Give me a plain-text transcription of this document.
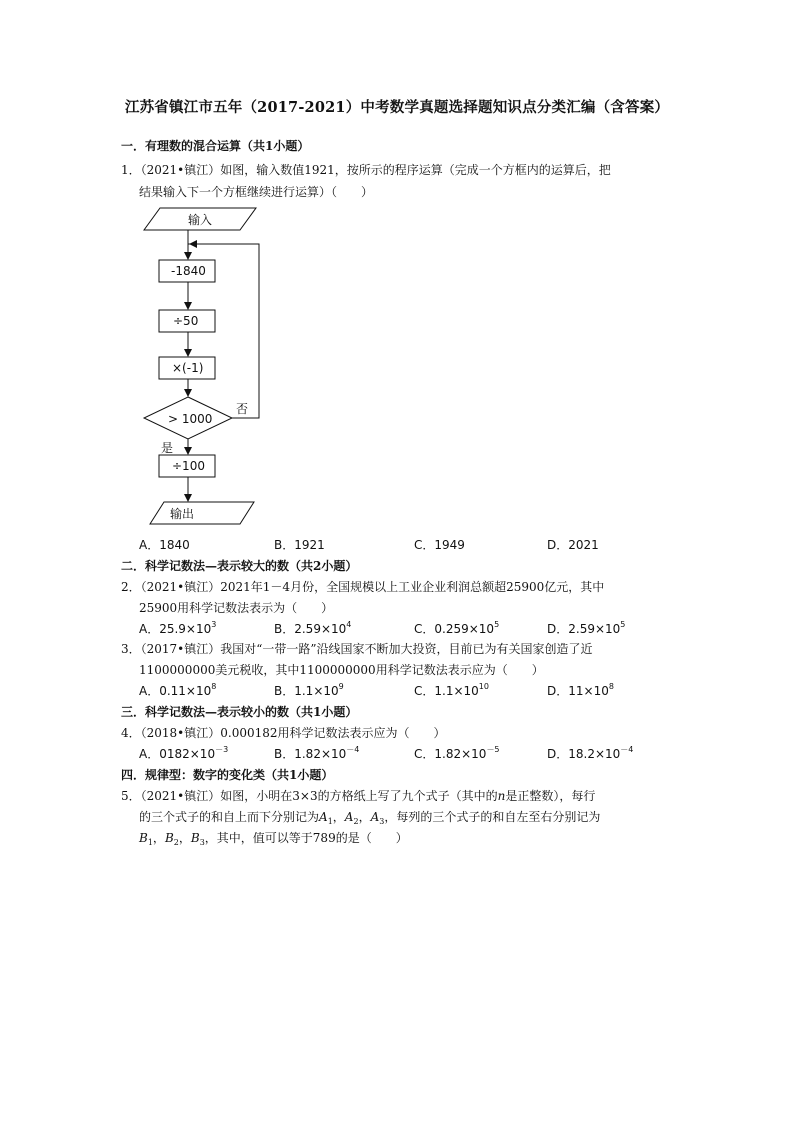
江苏省镇江市五年（2017-2021）中考数学真题选择题知识点分类汇编（含答案）
一．有理数的混合运算（共1小题）
1．（2021•镇江）如图，输入数值1921，按所示的程序运算（完成一个方框内的运算后，把
结果输入下一个方框继续进行运算）（　　）
输入
-1840
÷50
×(-1)
> 1000
否
是
÷100
输出
A．1840	B．1921	C．1949	D．2021
二．科学记数法—表示较大的数（共2小题）
2．（2021•镇江）2021年1－4月份，全国规模以上工业企业利润总额超25900亿元，其中
25900用科学记数法表示为（　　）
A．$25.9\times 10^3$	B．$2.59\times 10^4$	C．$0.259\times 10^5$	D．$2.59\times 10^5$
3．（2017•镇江）我国对“一带一路”沿线国家不断加大投资，目前已为有关国家创造了近
1100000000美元税收，其中1100000000用科学记数法表示应为（　　）
A．$0.11\times 10^8$	B．$1.1\times 10^9$	C．$1.1\times 10^{10}$	D．$11\times 10^8$
三．科学记数法—表示较小的数（共1小题）
4．（2018•镇江）0.000182用科学记数法表示应为（　　）
A．$0182\times 10^{-3}$	B．$1.82\times 10^{-4}$	C．$1.82\times 10^{-5}$	D．$18.2\times 10^{-4}$
四．规律型：数字的变化类（共1小题）
5．（2021•镇江）如图，小明在3×3的方格纸上写了九个式子（其中的n是正整数），每行
的三个式子的和自上而下分别记为$A_1$，$A_2$，$A_3$，每列的三个式子的和自左至右分别记为
$B_1$，$B_2$，$B_3$，其中，值可以等于789的是（　　）
